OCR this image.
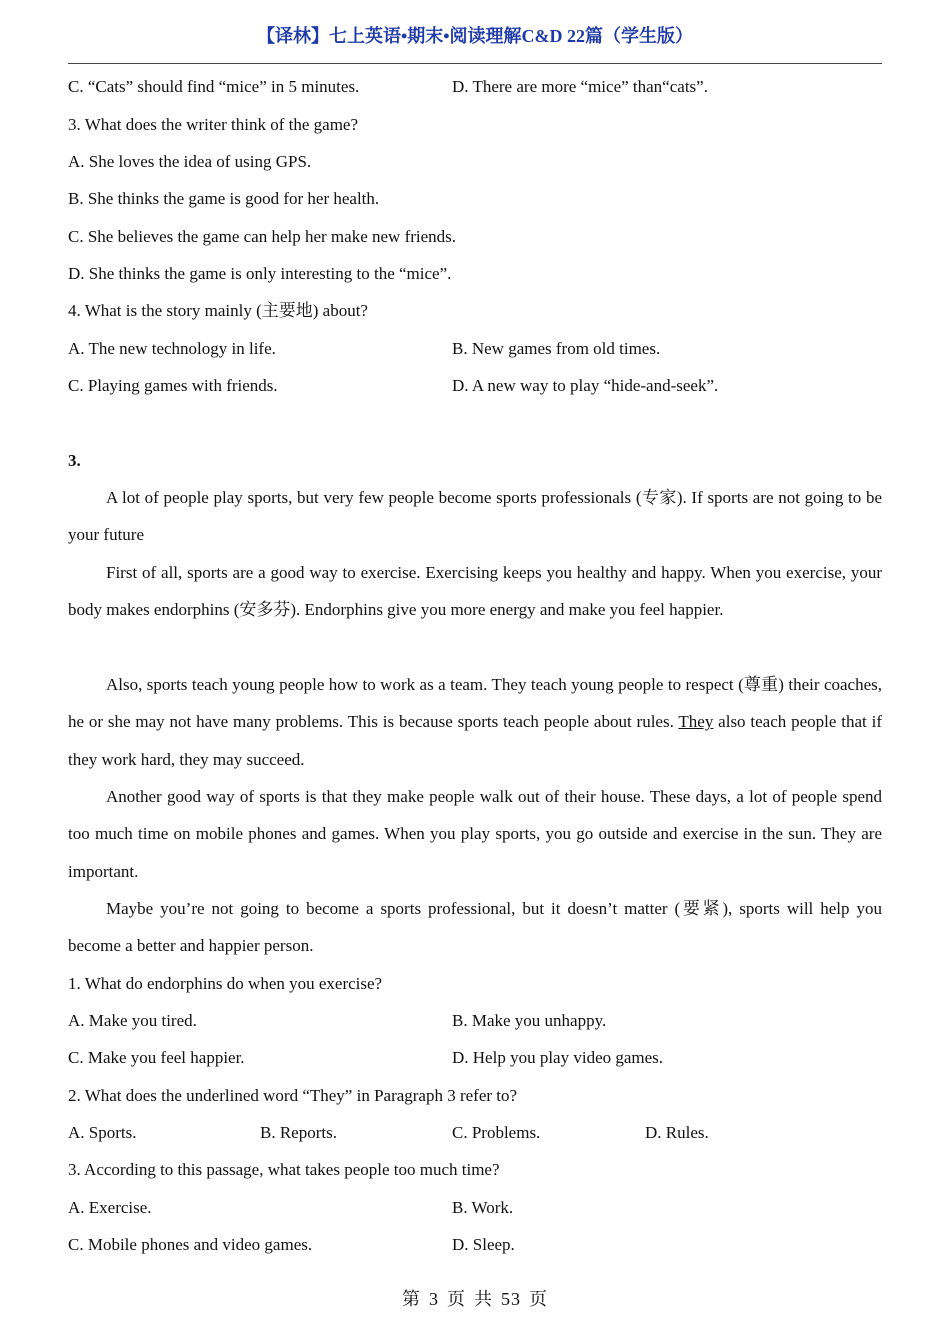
【译林】七上英语•期末•阅读理解C&D 22篇（学生版）
C. “Cats” should find “mice” in 5 minutes.	D. There are more “mice” than“cats”.
3. What does the writer think of the game?
A. She loves the idea of using GPS.
B. She thinks the game is good for her health.
C. She believes the game can help her make new friends.
D. She thinks the game is only interesting to the “mice”.
4. What is the story mainly (主要地) about?
A. The new technology in life.	B. New games from old times.
C. Playing games with friends.	D. A new way to play “hide-and-seek”.
3.
A lot of people play sports, but very few people become sports professionals (专家). If sports are not going to be your future
First of all, sports are a good way to exercise. Exercising keeps you healthy and happy. When you exercise, your body makes endorphins (安多芬). Endorphins give you more energy and make you feel happier.
Also, sports teach young people how to work as a team. They teach young people to respect (尊重) their coaches, he or she may not have many problems. This is because sports teach people about rules. They also teach people that if they work hard, they may succeed.
Another good way of sports is that they make people walk out of their house. These days, a lot of people spend too much time on mobile phones and games. When you play sports, you go outside and exercise in the sun. They are important.
Maybe you’re not going to become a sports professional, but it doesn’t matter (要紧), sports will help you become a better and happier person.
1. What do endorphins do when you exercise?
A. Make you tired.	B. Make you unhappy.
C. Make you feel happier.	D. Help you play video games.
2. What does the underlined word “They” in Paragraph 3 refer to?
A. Sports.	B. Reports.	C. Problems.	D. Rules.
3. According to this passage, what takes people too much time?
A. Exercise.	B. Work.
C. Mobile phones and video games.	D. Sleep.
第 3 页 共 53 页
